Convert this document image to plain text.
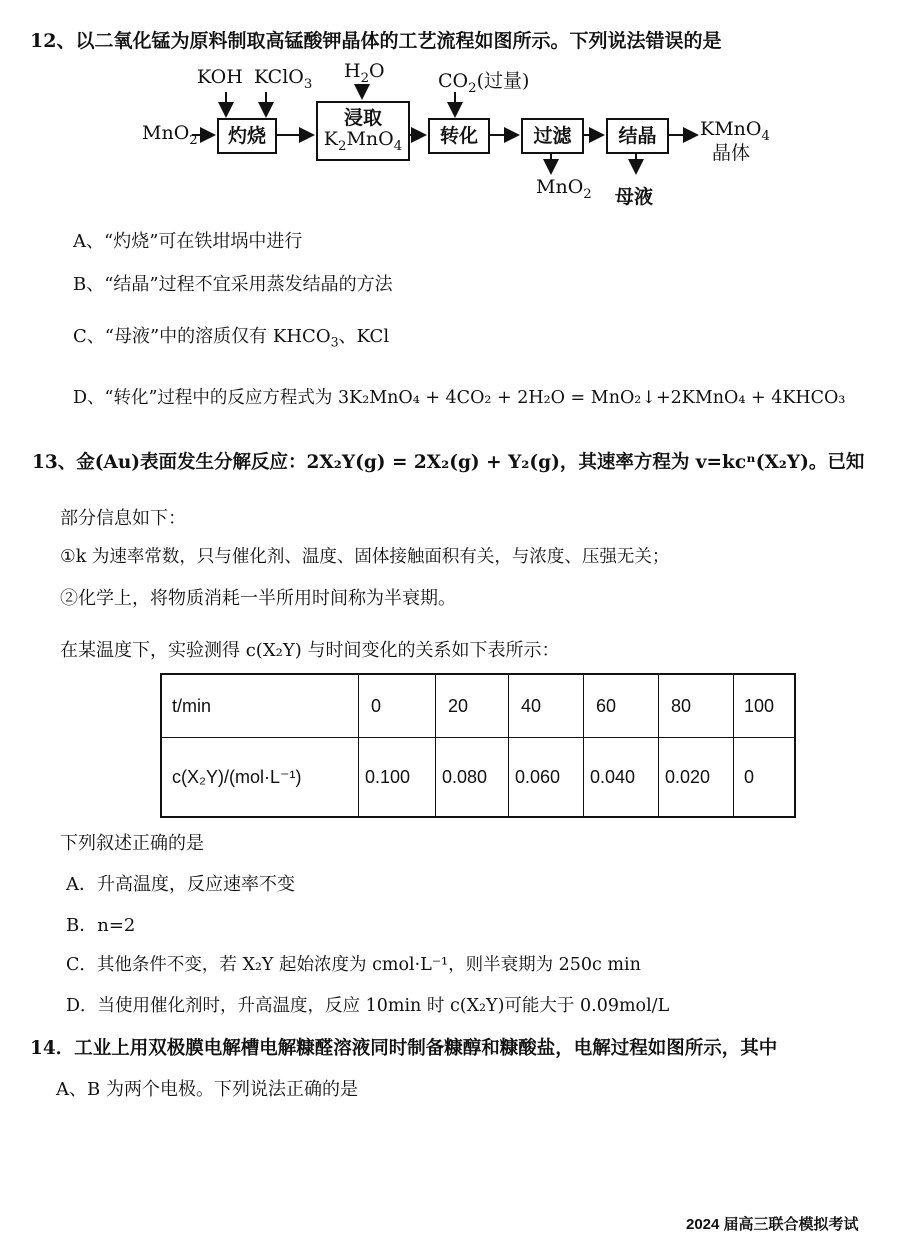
12、以二氧化锰为原料制取高锰酸钾晶体的工艺流程如图所示。下列说法错误的是
MnO$_2$
KOH KClO$_3$
$H_2O$	$CO_2$(过量)
灼烧
浸取
$K_2MnO_4$ 转化	过滤 结晶 KMnO$_4$
晶体
MnO$_2$ 母液
A、“灼烧”可在铁坩埚中进行
B、“结晶”过程不宜采用蒸发结晶的方法
C、“母液”中的溶质仅有 $KHCO_3$、KCl
D、“转化”过程中的反应方程式为 3K₂MnO₄ + 4CO₂ + 2H₂O = MnO₂↓+2KMnO₄ + 4KHCO₃
13、金(Au)表面发生分解反应：2X₂Y(g) = 2X₂(g) + Y₂(g)，其速率方程为 v=kcⁿ(X₂Y)。已知
部分信息如下：
①k 为速率常数，只与催化剂、温度、固体接触面积有关，与浓度、压强无关；
②化学上，将物质消耗一半所用时间称为半衰期。
在某温度下，实验测得 c(X₂Y) 与时间变化的关系如下表所示：
t/min	0	20	40	60	80	100
c(X₂Y)/(mol·L⁻¹)	0.100	0.080	0.060	0.040	0.020	0
下列叙述正确的是
A．升高温度，反应速率不变
B．n=2
C．其他条件不变，若 X₂Y 起始浓度为 cmol·L⁻¹，则半衰期为 250c min
D．当使用催化剂时，升高温度，反应 10min 时 c(X₂Y)可能大于 0.09mol/L
14．工业上用双极膜电解槽电解糠醛溶液同时制备糠醇和糠酸盐，电解过程如图所示，其中
A、B 为两个电极。下列说法正确的是
2024 届高三联合模拟考试
